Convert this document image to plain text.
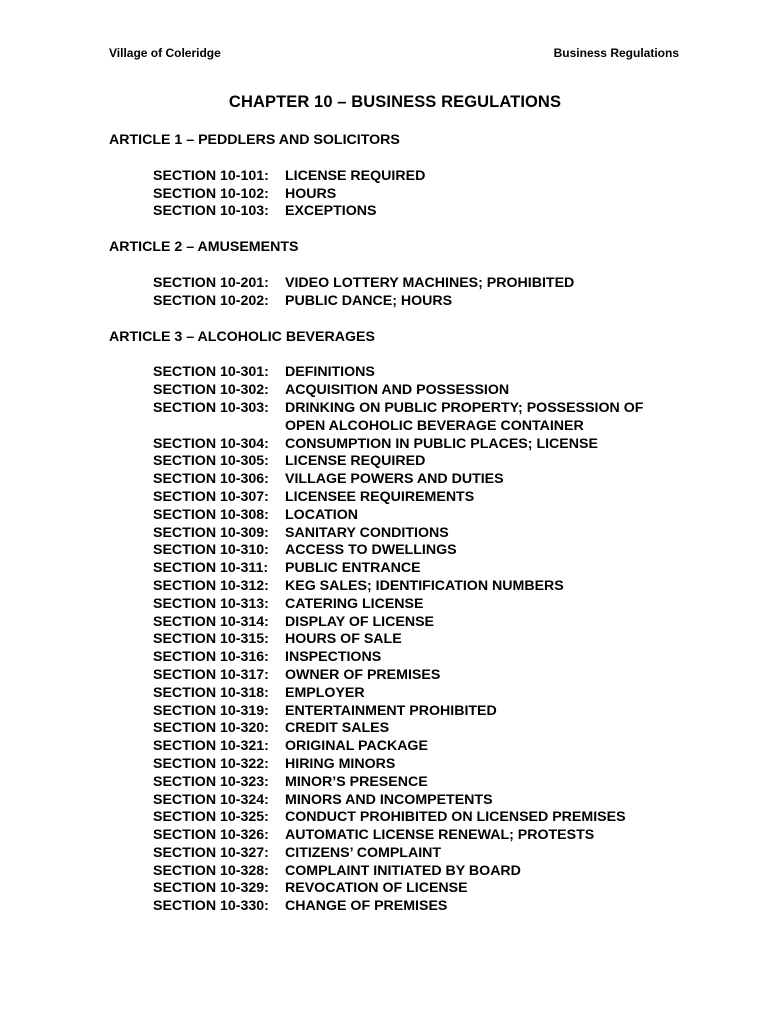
Village of Coleridge	Business Regulations
CHAPTER 10 – BUSINESS REGULATIONS
ARTICLE 1 – PEDDLERS AND SOLICITORS
SECTION 10-101:	LICENSE REQUIRED
SECTION 10-102:	HOURS
SECTION 10-103:	EXCEPTIONS
ARTICLE 2 – AMUSEMENTS
SECTION 10-201:	VIDEO LOTTERY MACHINES; PROHIBITED
SECTION 10-202:	PUBLIC DANCE; HOURS
ARTICLE 3 – ALCOHOLIC BEVERAGES
SECTION 10-301:	DEFINITIONS
SECTION 10-302:	ACQUISITION AND POSSESSION
SECTION 10-303:	DRINKING ON PUBLIC PROPERTY; POSSESSION OF
OPEN ALCOHOLIC BEVERAGE CONTAINER
SECTION 10-304:	CONSUMPTION IN PUBLIC PLACES; LICENSE
SECTION 10-305:	LICENSE REQUIRED
SECTION 10-306:	VILLAGE POWERS AND DUTIES
SECTION 10-307:	LICENSEE REQUIREMENTS
SECTION 10-308:	LOCATION
SECTION 10-309:	SANITARY CONDITIONS
SECTION 10-310:	ACCESS TO DWELLINGS
SECTION 10-311:	PUBLIC ENTRANCE
SECTION 10-312:	KEG SALES; IDENTIFICATION NUMBERS
SECTION 10-313:	CATERING LICENSE
SECTION 10-314:	DISPLAY OF LICENSE
SECTION 10-315:	HOURS OF SALE
SECTION 10-316:	INSPECTIONS
SECTION 10-317:	OWNER OF PREMISES
SECTION 10-318:	EMPLOYER
SECTION 10-319:	ENTERTAINMENT PROHIBITED
SECTION 10-320:	CREDIT SALES
SECTION 10-321:	ORIGINAL PACKAGE
SECTION 10-322:	HIRING MINORS
SECTION 10-323:	MINOR’S PRESENCE
SECTION 10-324:	MINORS AND INCOMPETENTS
SECTION 10-325:	CONDUCT PROHIBITED ON LICENSED PREMISES
SECTION 10-326:	AUTOMATIC LICENSE RENEWAL; PROTESTS
SECTION 10-327:	CITIZENS’ COMPLAINT
SECTION 10-328:	COMPLAINT INITIATED BY BOARD
SECTION 10-329:	REVOCATION OF LICENSE
SECTION 10-330:	CHANGE OF PREMISES
